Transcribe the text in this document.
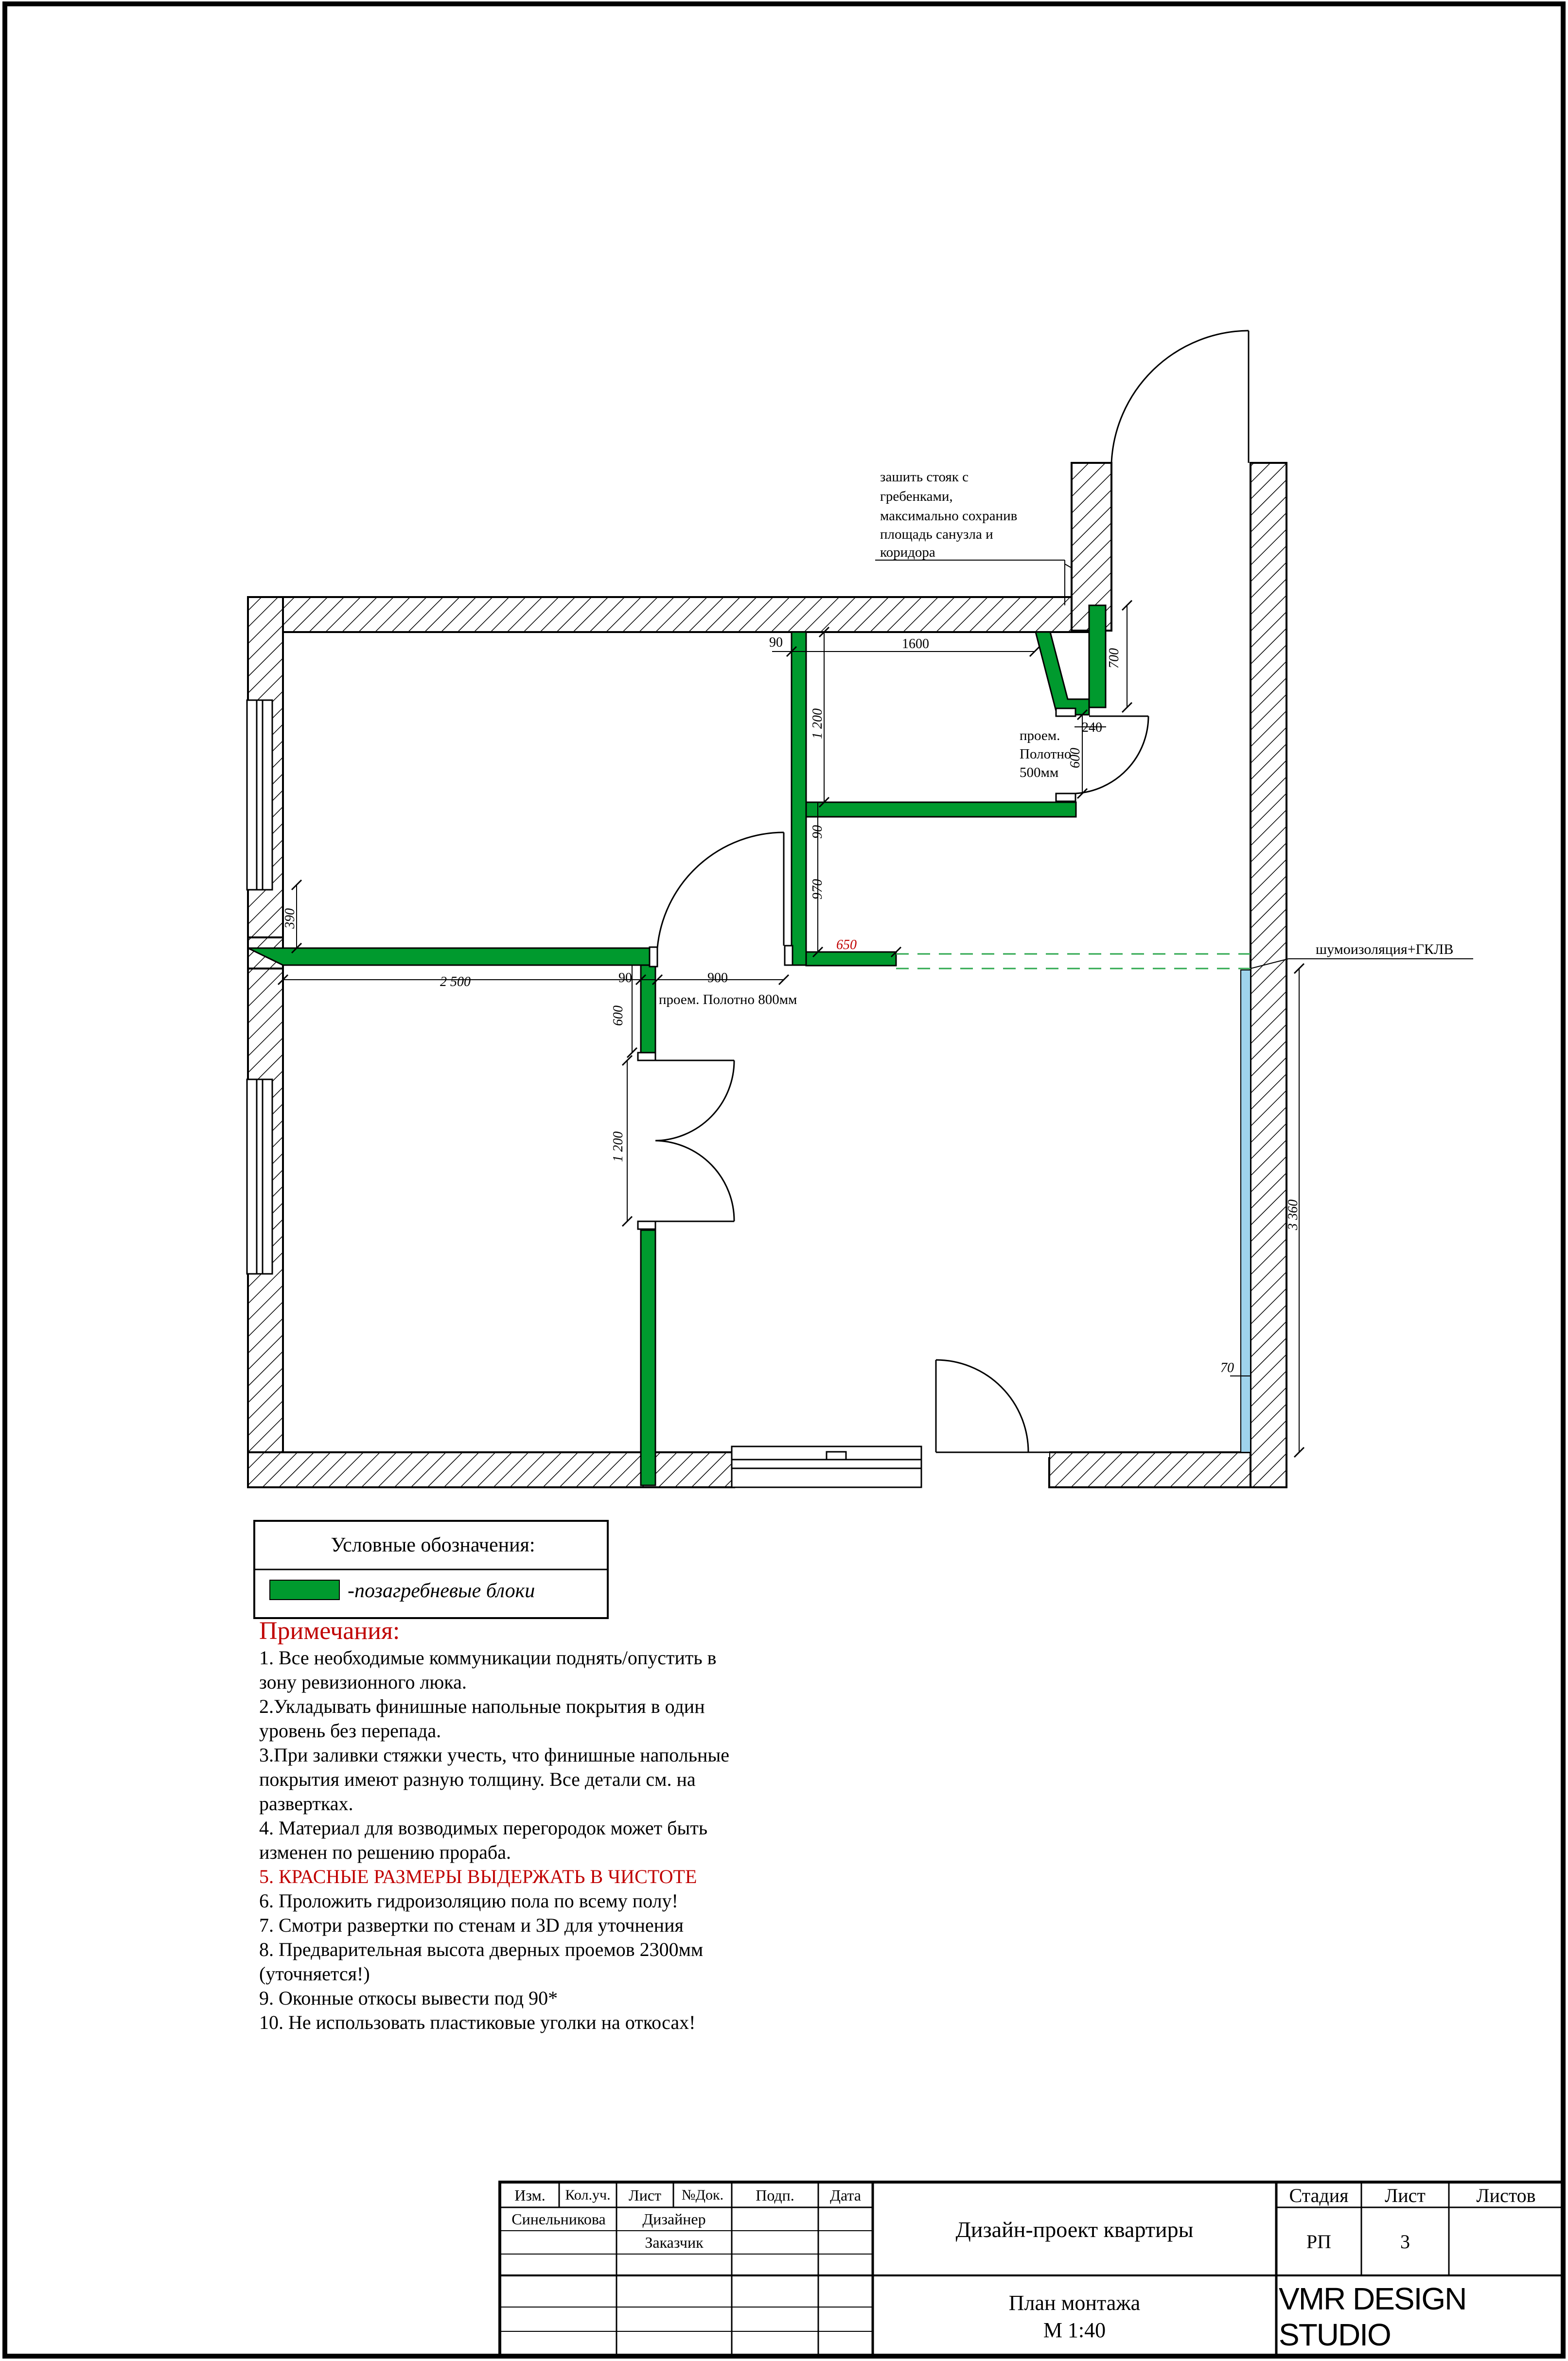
90	1600
700
1 200	240
600
90
970
650
390
2 500	90	900
600
1 200
3 360
70
зашить стояк с
гребенками,
максимально сохранив
площадь санузла и
коридора
проем.
Полотно
500мм
проем. Полотно 800мм
шумоизоляция+ГКЛВ
Условные обозначения:
-позагребневые блоки
Примечания:
1. Все необходимые коммуникации поднять/опустить в
зону ревизионного люка.
2.Укладывать финишные напольные покрытия в один
уровень без перепада.
3.При заливки стяжки учесть, что финишные напольные
покрытия имеют разную толщину. Все детали см. на
развертках.
4. Материал для возводимых перегородок может быть
изменен по решению прораба.
5. КРАСНЫЕ РАЗМЕРЫ ВЫДЕРЖАТЬ В ЧИСТОТЕ
6. Проложить гидроизоляцию пола по всему полу!
7. Смотри развертки по стенам и 3D для уточнения
8. Предварительная высота дверных проемов 2300мм
(уточняется!)
9. Оконные откосы вывести под 90*
10. Не использовать пластиковые уголки на откосах!
Изм.	Кол.уч.	Лист	№Док.	Подп.	Дата
Синельникова	Дизайнер
Заказчик
Дизайн-проект квартиры
План монтажа
М 1:40
Стадия	Лист	Листов
РП	3
VMR DESIGN STUDIO
